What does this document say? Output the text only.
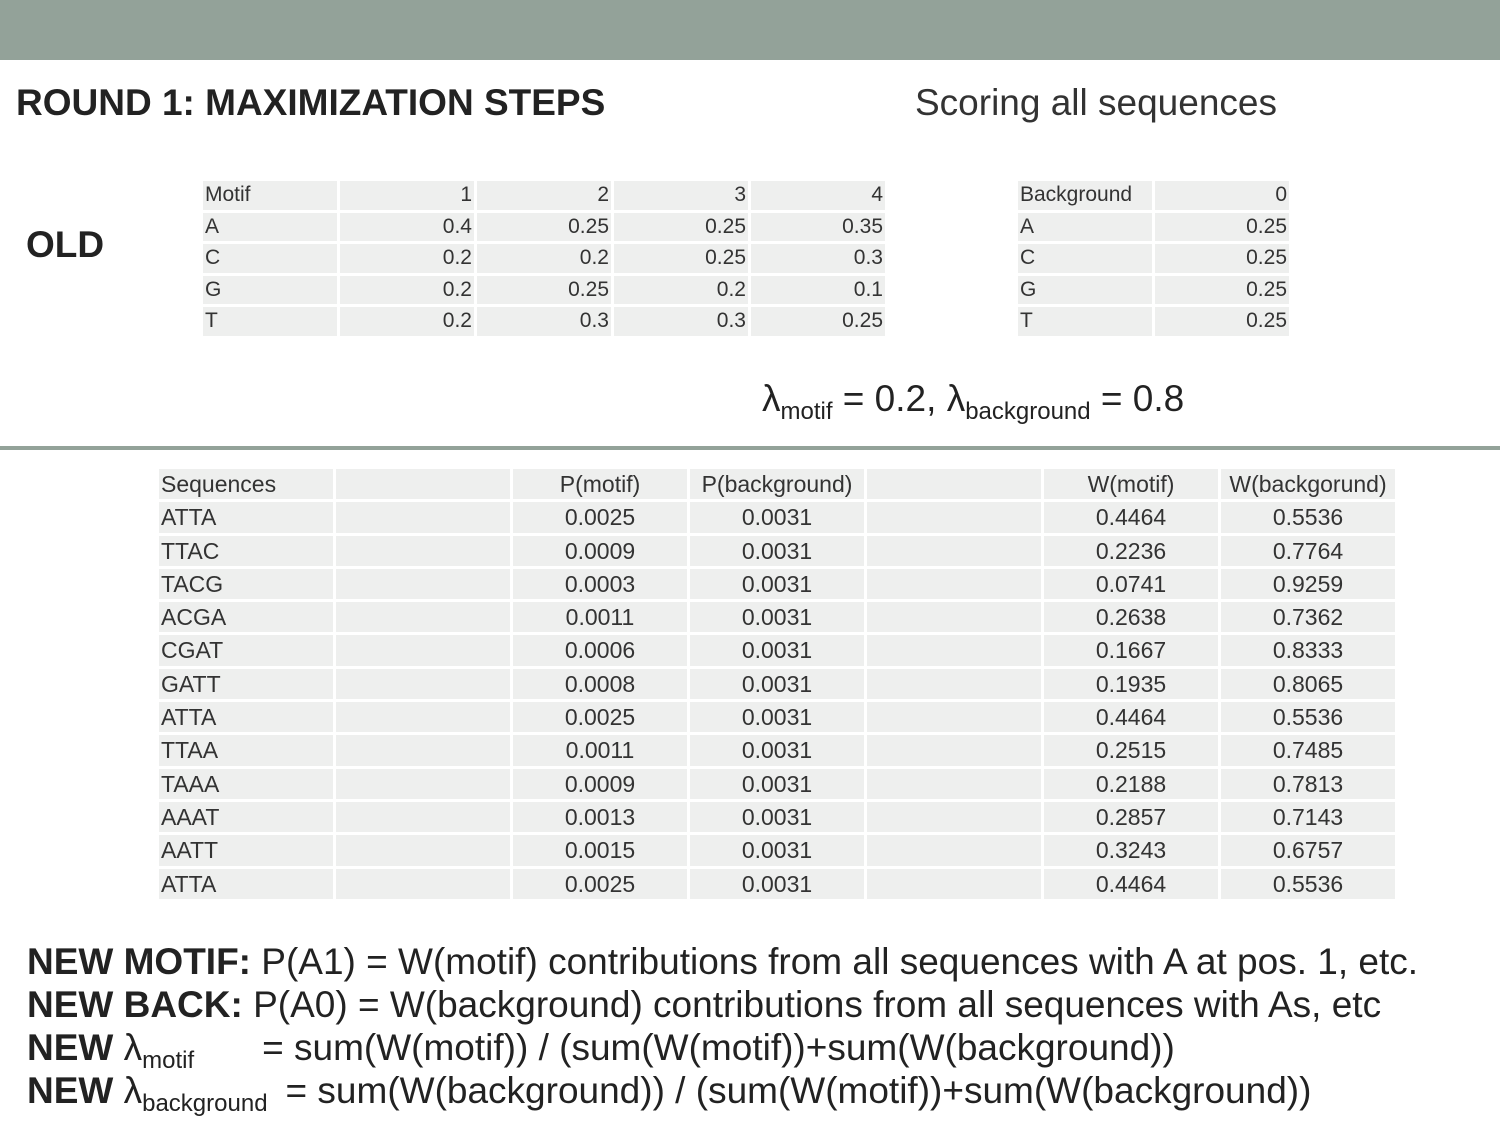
ROUND 1: MAXIMIZATION STEPS	Scoring all sequences
OLD
Motif	1	2	3	4
A	0.4	0.25	0.25	0.35
C	0.2	0.2	0.25	0.3
G	0.2	0.25	0.2	0.1
T	0.2	0.3	0.3	0.25
Background	0
A	0.25
C	0.25
G	0.25
T	0.25
$\lambda_{motif} = 0.2$, $\lambda_{background} = 0.8$
Sequences		P(motif)	P(background)		W(motif)	W(backgorund)
ATTA		0.0025	0.0031		0.4464	0.5536
TTAC		0.0009	0.0031		0.2236	0.7764
TACG		0.0003	0.0031		0.0741	0.9259
ACGA		0.0011	0.0031		0.2638	0.7362
CGAT		0.0006	0.0031		0.1667	0.8333
GATT		0.0008	0.0031		0.1935	0.8065
ATTA		0.0025	0.0031		0.4464	0.5536
TTAA		0.0011	0.0031		0.2515	0.7485
TAAA		0.0009	0.0031		0.2188	0.7813
AAAT		0.0013	0.0031		0.2857	0.7143
AATT		0.0015	0.0031		0.3243	0.6757
ATTA		0.0025	0.0031		0.4464	0.5536
NEW MOTIF: P(A1) = W(motif) contributions from all sequences with A at pos. 1, etc.
NEW BACK: P(A0) = W(background) contributions from all sequences with As, etc
NEW $\lambda_{motif}$ = sum(W(motif)) / (sum(W(motif))+sum(W(background))
NEW $\lambda_{background}$ = sum(W(background)) / (sum(W(motif))+sum(W(background))
